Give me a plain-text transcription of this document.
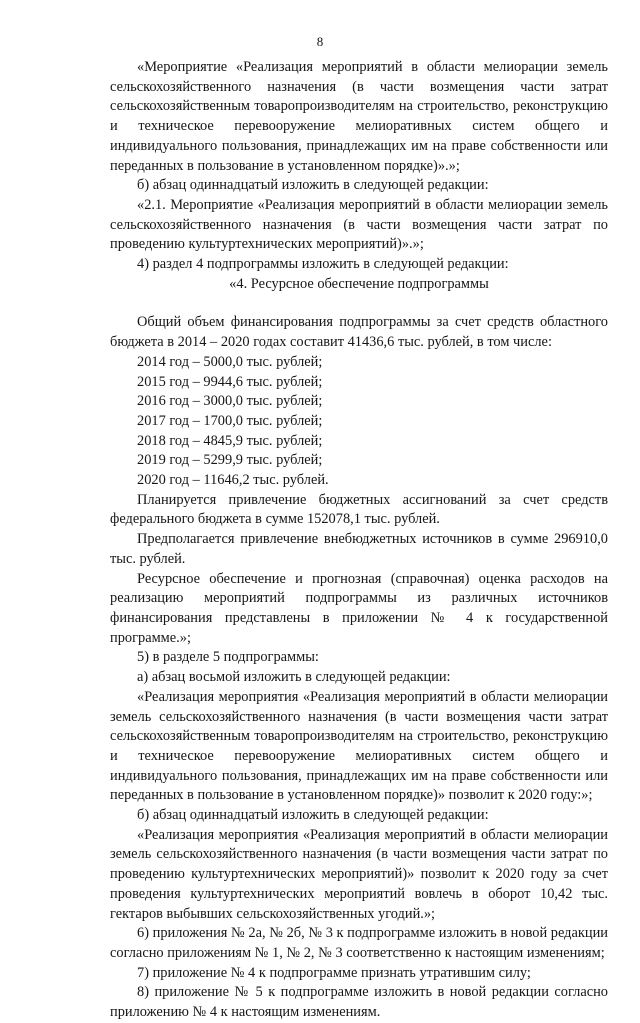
8

«Мероприятие «Реализация мероприятий в области мелиорации земель сельскохозяйственного назначения (в части возмещения части затрат сельскохозяйственным товаропроизводителям на строительство, реконструкцию и техническое перевооружение мелиоративных систем общего и индивидуального пользования, принадлежащих им на праве собственности или переданных в пользование в установленном порядке)».»;

б) абзац одиннадцатый изложить в следующей редакции:

«2.1. Мероприятие «Реализация мероприятий в области мелиорации земель сельскохозяйственного назначения (в части возмещения части затрат по проведению культуртехнических мероприятий)».»;

4) раздел 4 подпрограммы изложить в следующей редакции:

«4. Ресурсное обеспечение подпрограммы

Общий объем финансирования подпрограммы за счет средств областного бюджета в 2014 – 2020 годах составит 41436,6 тыс. рублей, в том числе:

2014 год – 5000,0 тыс. рублей;

2015 год – 9944,6 тыс. рублей;

2016 год – 3000,0 тыс. рублей;

2017 год – 1700,0 тыс. рублей;

2018 год – 4845,9 тыс. рублей;

2019 год – 5299,9 тыс. рублей;

2020 год – 11646,2 тыс. рублей.

Планируется привлечение бюджетных ассигнований за счет средств федерального бюджета в сумме 152078,1 тыс. рублей.

Предполагается привлечение внебюджетных источников в сумме 296910,0 тыс. рублей.

Ресурсное обеспечение и прогнозная (справочная) оценка расходов на реализацию мероприятий подпрограммы из различных источников финансирования представлены в приложении № 4 к государственной программе.»;

5) в разделе 5 подпрограммы:

а) абзац восьмой изложить в следующей редакции:

«Реализация мероприятия «Реализация мероприятий в области мелиорации земель сельскохозяйственного назначения (в части возмещения части затрат сельскохозяйственным товаропроизводителям на строительство, реконструкцию и техническое перевооружение мелиоративных систем общего и индивидуального пользования, принадлежащих им на праве собственности или переданных в пользование в установленном порядке)» позволит к 2020 году:»;

б) абзац одиннадцатый изложить в следующей редакции:

«Реализация мероприятия «Реализация мероприятий в области мелиорации земель сельскохозяйственного назначения (в части возмещения части затрат по проведению культуртехнических мероприятий)» позволит к 2020 году за счет проведения культуртехнических мероприятий вовлечь в оборот 10,42 тыс. гектаров выбывших сельскохозяйственных угодий.»;

6) приложения № 2а, № 2б, № 3 к подпрограмме изложить в новой редакции согласно приложениям № 1, № 2, № 3 соответственно к настоящим изменениям;

7) приложение № 4 к подпрограмме признать утратившим силу;

8) приложение № 5 к подпрограмме изложить в новой редакции согласно приложению № 4 к настоящим изменениям.
